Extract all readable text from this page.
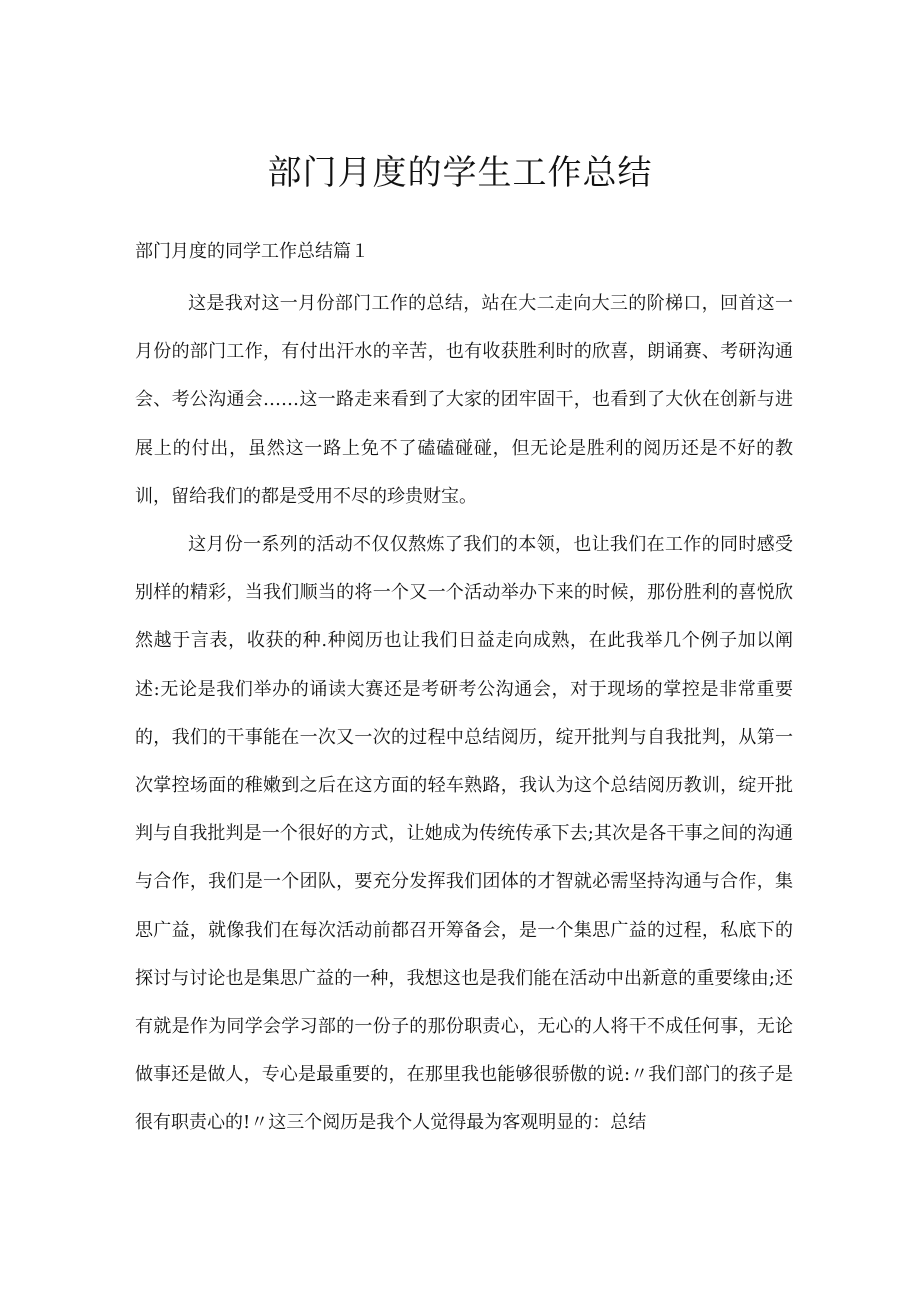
部门月度的学生工作总结
部门月度的同学工作总结篇１

这是我对这一月份部门工作的总结，站在大二走向大三的阶梯口，回首这一月份的部门工作，有付出汗水的辛苦，也有收获胜利时的欣喜，朗诵赛、考研沟通会、考公沟通会……这一路走来看到了大家的团牢固干，也看到了大伙在创新与进展上的付出，虽然这一路上免不了磕磕碰碰，但无论是胜利的阅历还是不好的教训，留给我们的都是受用不尽的珍贵财宝。

这月份一系列的活动不仅仅熬炼了我们的本领，也让我们在工作的同时感受别样的精彩，当我们顺当的将一个又一个活动举办下来的时候，那份胜利的喜悦欣然越于言表，收获的种.种阅历也让我们日益走向成熟，在此我举几个例子加以阐述:无论是我们举办的诵读大赛还是考研考公沟通会，对于现场的掌控是非常重要的，我们的干事能在一次又一次的过程中总结阅历，绽开批判与自我批判，从第一次掌控场面的稚嫩到之后在这方面的轻车熟路，我认为这个总结阅历教训，绽开批判与自我批判是一个很好的方式，让她成为传统传承下去;其次是各干事之间的沟通与合作，我们是一个团队，要充分发挥我们团体的才智就必需坚持沟通与合作，集思广益，就像我们在每次活动前都召开筹备会，是一个集思广益的过程，私底下的探讨与讨论也是集思广益的一种，我想这也是我们能在活动中出新意的重要缘由;还有就是作为同学会学习部的一份子的那份职责心，无心的人将干不成任何事，无论做事还是做人，专心是最重要的，在那里我也能够很骄傲的说:〃我们部门的孩子是很有职责心的!〃这三个阅历是我个人觉得最为客观明显的：总结
